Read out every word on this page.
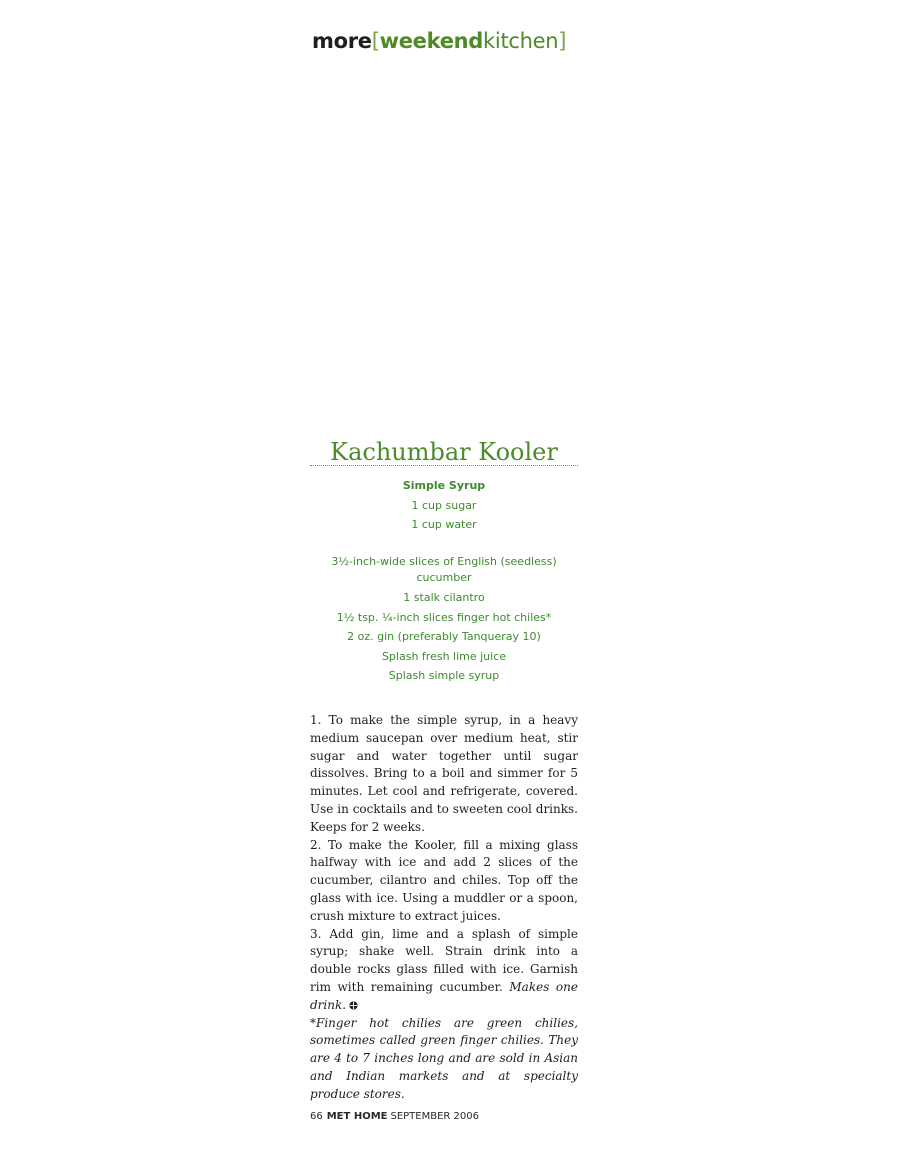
more[weekendkitchen]
Kachumbar Kooler
Simple Syrup
1 cup sugar
1 cup water
3½-inch-wide slices of English (seedless) cucumber
1 stalk cilantro
1½ tsp. ¼-inch slices finger hot chiles*
2 oz. gin (preferably Tanqueray 10)
Splash fresh lime juice
Splash simple syrup

1. To make the simple syrup, in a heavy medium saucepan over medium heat, stir sugar and water together until sugar dissolves. Bring to a boil and simmer for 5 minutes. Let cool and refrigerate, covered. Use in cocktails and to sweeten cool drinks. Keeps for 2 weeks.

2. To make the Kooler, fill a mixing glass halfway with ice and add 2 slices of the cucumber, cilantro and chiles. Top off the glass with ice. Using a muddler or a spoon, crush mixture to extract juices.

3. Add gin, lime and a splash of simple syrup; shake well. Strain drink into a double rocks glass filled with ice. Garnish rim with remaining cucumber. Makes one drink.

*Finger hot chilies are green chilies, sometimes called green finger chilies. They are 4 to 7 inches long and are sold in Asian and Indian markets and at specialty produce stores.

66 MET HOME SEPTEMBER 2006
